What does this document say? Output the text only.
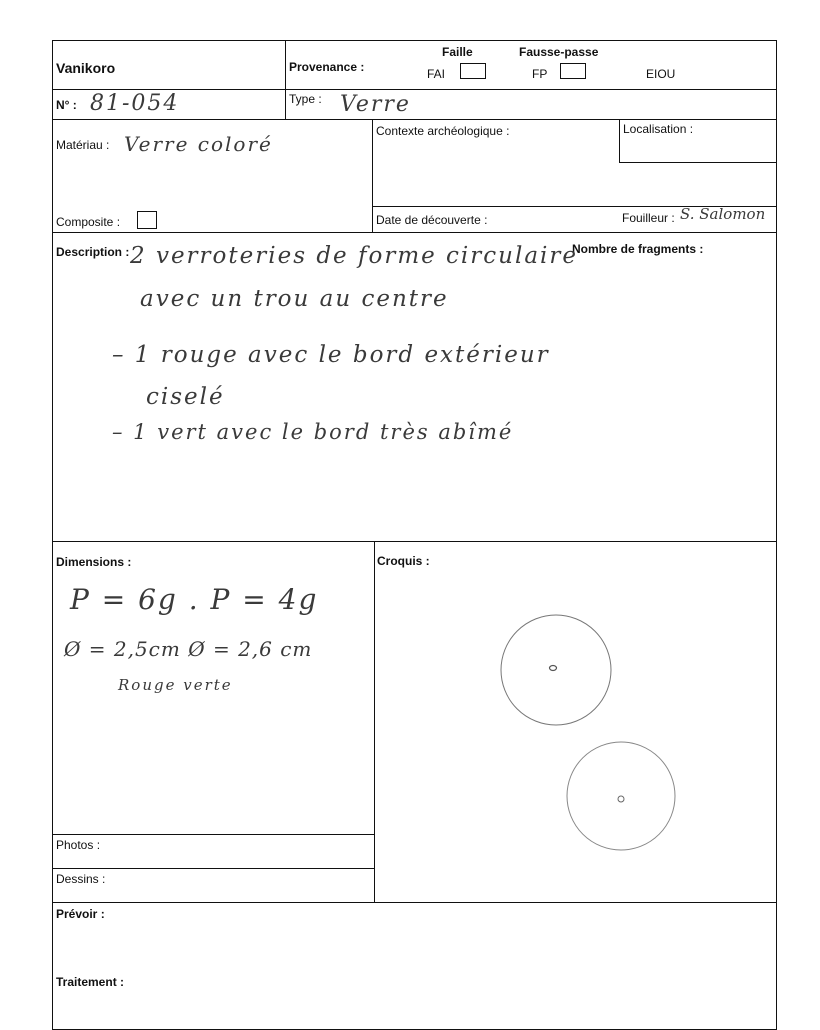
Vanikoro	Provenance :
Faille	Fausse-passe
FAI	FP	EIOU
N° : 81-054	Type : Verre
Matériau : Verre coloré
Contexte archéologique :	Localisation :
Composite :	Date de découverte :	Fouilleur : S. Salomon
Description :	Nombre de fragments :
2 verroteries de forme circulaire
avec un trou au centre
– 1 rouge avec le bord extérieur
ciselé
– 1 vert avec le bord très abîmé
Dimensions :	Croquis :
P = 6g . P = 4g
Ø = 2,5cm Ø = 2,6 cm
Rouge verte
Photos :
Dessins :
Prévoir :
Traitement :
